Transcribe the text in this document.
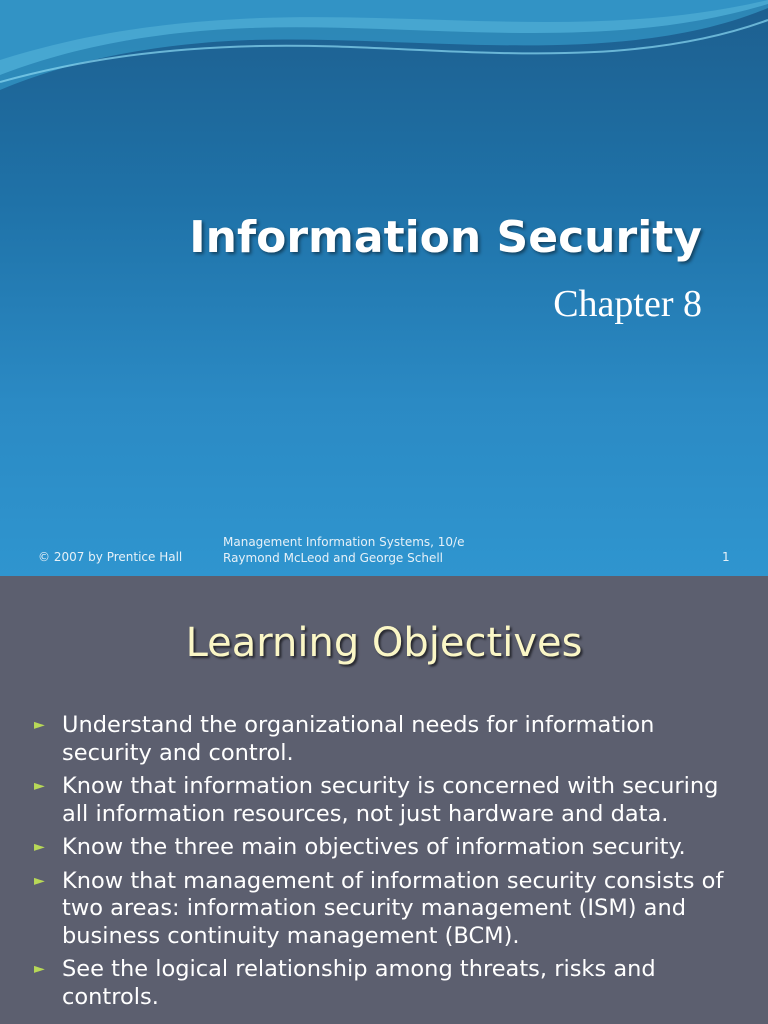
Information Security
Chapter 8
© 2007 by Prentice Hall
Management Information Systems, 10/e
Raymond McLeod and George Schell	1
Learning Objectives
► Understand the organizational needs for information security and control.
► Know that information security is concerned with securing all information resources, not just hardware and data.
► Know the three main objectives of information security.
► Know that management of information security consists of two areas: information security management (ISM) and business continuity management (BCM).
► See the logical relationship among threats, risks and controls.
